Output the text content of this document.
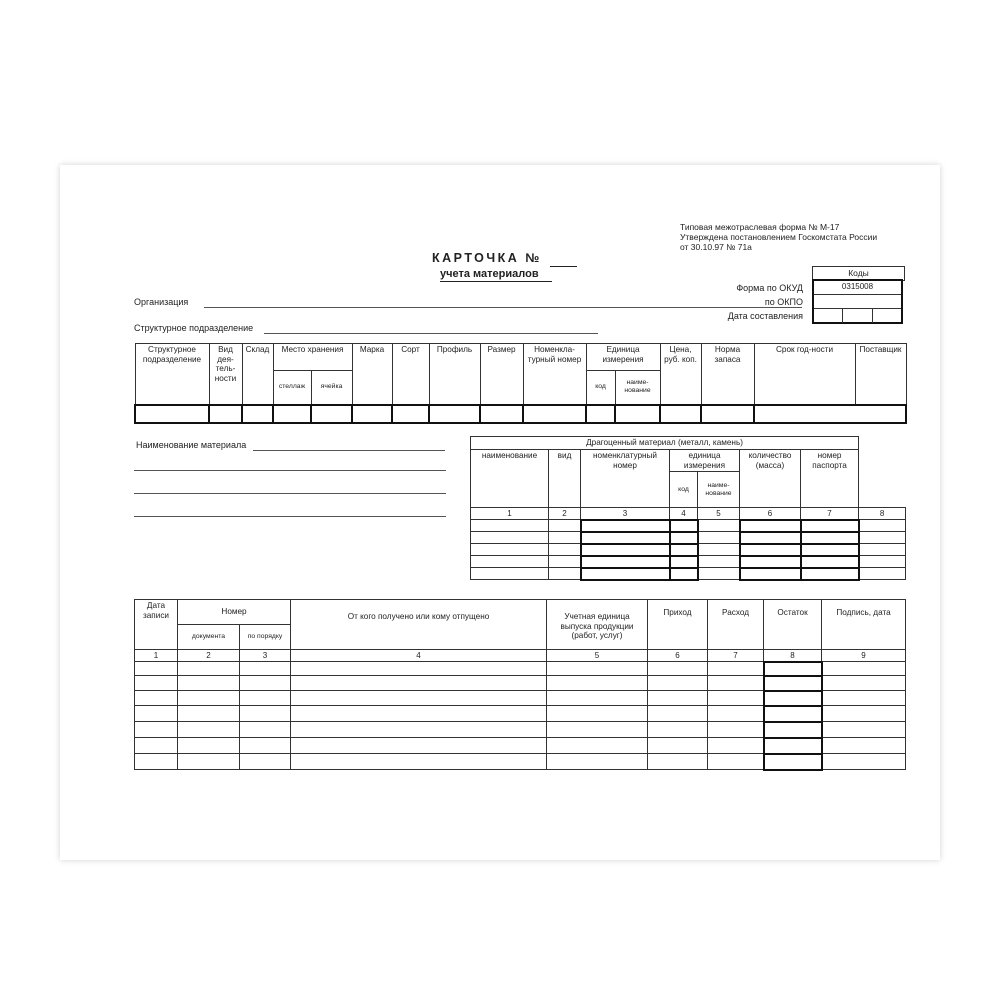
Типовая межотраслевая форма № М-17
Утверждена постановлением Госкомстата России
от 30.10.97 № 71а
КАРТОЧКА №
учета материалов	Коды
0315008
Форма по ОКУД
по ОКПО
Дата составления
Организация
Структурное подразделение
Структурное подразделение	Вид дея-тель-ности	Склад	Место хранения		Марка	Сорт	Профиль	Размер	Номенкла-турный номер	Единица измерения		Цена, руб. коп.	Норма запаса	Срок год-ности	Поставщик
			стеллаж	ячейка						код	наиме-нование				

Наименование материала	Драгоценный материал (металл, камень)							
наименование	вид	номенклатурный номер	единица измерения		количество (масса)	номер паспорта	
			код	наиме-нование			
1	2	3	4	5	6	7	8

Дата записи	Номер		От кого получено или кому отпущено	Учетная единица выпуска продукции (работ, услуг)	Приход	Расход	Остаток	Подпись, дата
	документа	по порядку						
1	2	3	4	5	6	7	8	9
